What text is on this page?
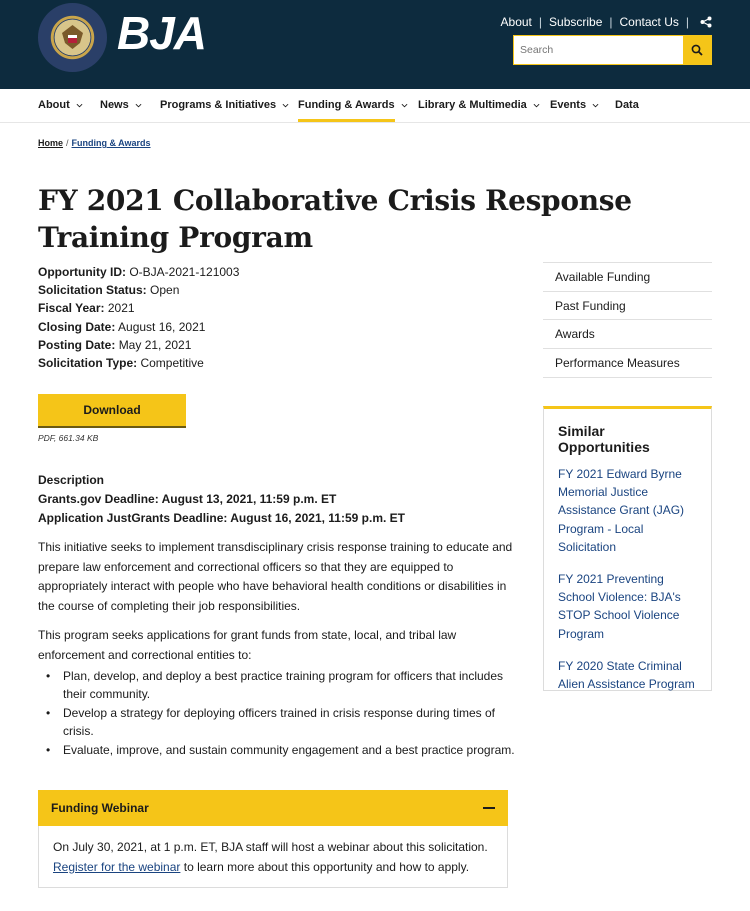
BJA	About | Subscribe | Contact Us |
Search
About	News	Programs & Initiatives Funding & Awards Library & Multimedia Events	Data
Home / Funding & Awards
FY 2021 Collaborative Crisis Response Training Program
Opportunity ID: O-BJA-2021-121003
Solicitation Status: Open
Fiscal Year: 2021
Closing Date: August 16, 2021
Posting Date: May 21, 2021
Solicitation Type: Competitive
Download
PDF, 661.34 KB
Description
Grants.gov Deadline: August 13, 2021, 11:59 p.m. ET
Application JustGrants Deadline: August 16, 2021, 11:59 p.m. ET

This initiative seeks to implement transdisciplinary crisis response training to educate and prepare law enforcement and correctional officers so that they are equipped to appropriately interact with people who have behavioral health conditions or disabilities in the course of completing their job responsibilities.

This program seeks applications for grant funds from state, local, and tribal law enforcement and correctional entities to:

• Plan, develop, and deploy a best practice training program for officers that includes their community.
• Develop a strategy for deploying officers trained in crisis response during times of crisis.
• Evaluate, improve, and sustain community engagement and a best practice program.
Funding Webinar
On July 30, 2021, at 1 p.m. ET, BJA staff will host a webinar about this solicitation. Register for the webinar to learn more about this opportunity and how to apply.
Available Funding
Past Funding
Awards
Performance Measures
Similar Opportunities
FY 2021 Edward Byrne Memorial Justice Assistance Grant (JAG) Program - Local Solicitation
FY 2021 Preventing School Violence: BJA's STOP School Violence Program
FY 2020 State Criminal Alien Assistance Program
